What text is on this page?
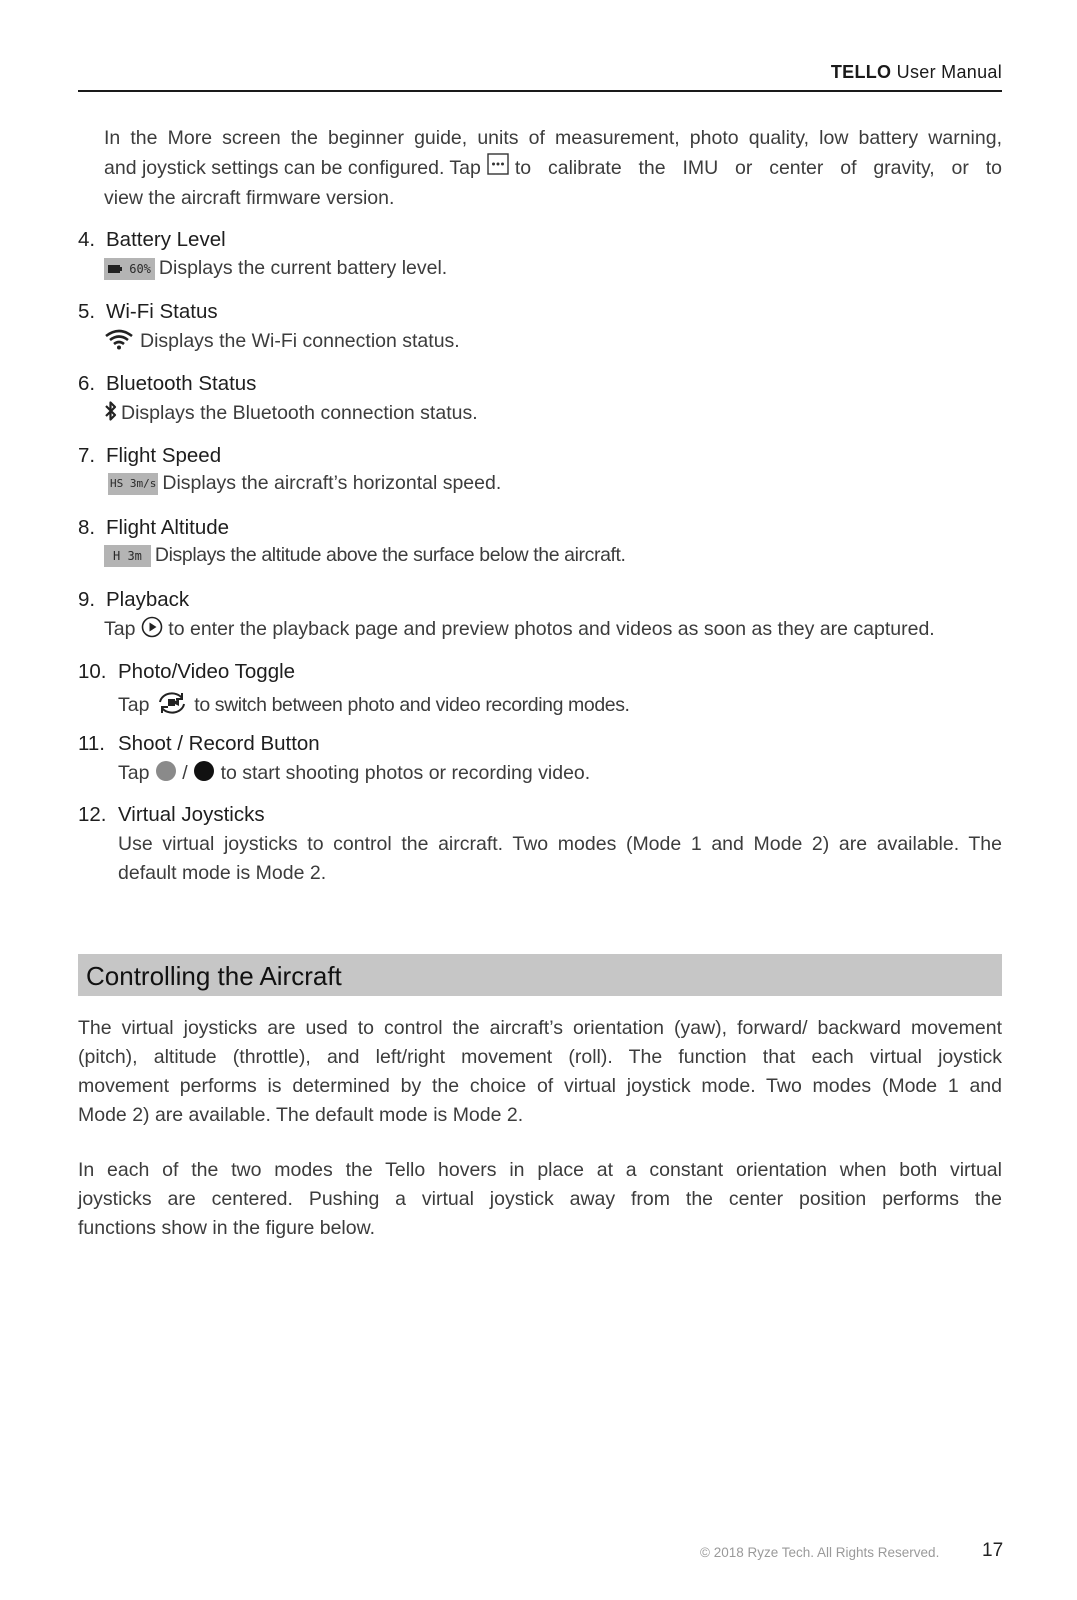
TELLO User Manual
In the More screen the beginner guide, units of measurement, photo quality, low battery warning,
and joystick settings can be configured. Tap to calibrate the IMU or center of gravity, or to
view the aircraft firmware version.
4. Battery Level
60% Displays the current battery level.
5. Wi-Fi Status
Displays the Wi-Fi connection status.
6. Bluetooth Status
Displays the Bluetooth connection status.
7. Flight Speed
HS 3m/s Displays the aircraft’s horizontal speed.
8. Flight Altitude
H 3m Displays the altitude above the surface below the aircraft.
9. Playback
Tap to enter the playback page and preview photos and videos as soon as they are captured.
10. Photo/Video Toggle
Tap to switch between photo and video recording modes.
11. Shoot / Record Button
Tap / to start shooting photos or recording video.
12. Virtual Joysticks
Use virtual joysticks to control the aircraft. Two modes (Mode 1 and Mode 2) are available. The
default mode is Mode 2.
Controlling the Aircraft
The virtual joysticks are used to control the aircraft’s orientation (yaw), forward/ backward movement
(pitch), altitude (throttle), and left/right movement (roll). The function that each virtual joystick
movement performs is determined by the choice of virtual joystick mode. Two modes (Mode 1 and
Mode 2) are available. The default mode is Mode 2.
In each of the two modes the Tello hovers in place at a constant orientation when both virtual
joysticks are centered. Pushing a virtual joystick away from the center position performs the
functions show in the figure below.
© 2018 Ryze Tech. All Rights Reserved. 17
